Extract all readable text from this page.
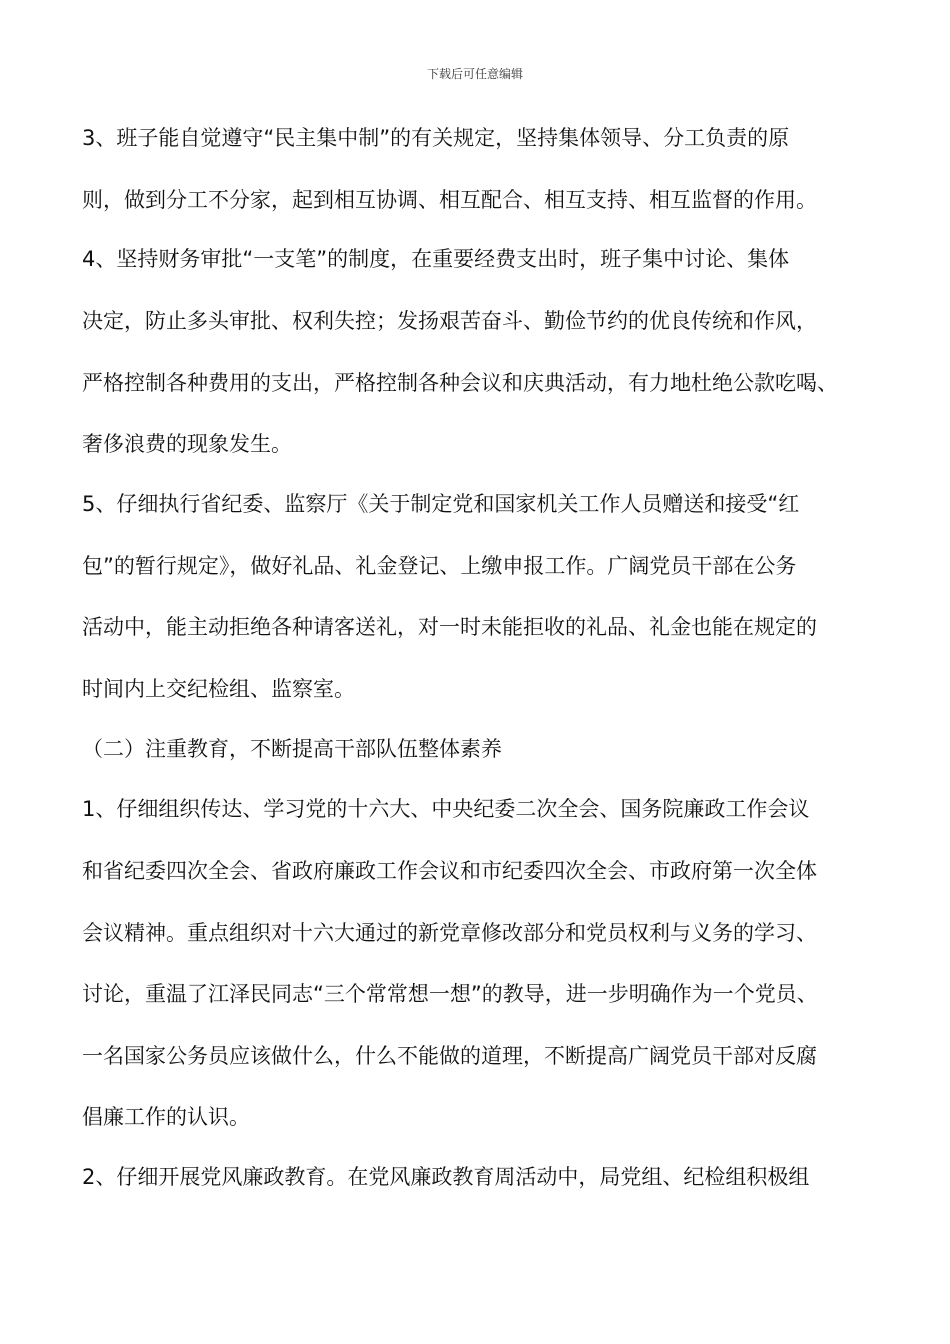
下载后可任意编辑
3、班子能自觉遵守“民主集中制”的有关规定，坚持集体领导、分工负责的原
则，做到分工不分家，起到相互协调、相互配合、相互支持、相互监督的作用。
4、坚持财务审批“一支笔”的制度，在重要经费支出时，班子集中讨论、集体
决定，防止多头审批、权利失控；发扬艰苦奋斗、勤俭节约的优良传统和作风，
严格控制各种费用的支出，严格控制各种会议和庆典活动，有力地杜绝公款吃喝、
奢侈浪费的现象发生。
5、仔细执行省纪委、监察厅《关于制定党和国家机关工作人员赠送和接受“红
包”的暂行规定》，做好礼品、礼金登记、上缴申报工作。广阔党员干部在公务
活动中，能主动拒绝各种请客送礼，对一时未能拒收的礼品、礼金也能在规定的
时间内上交纪检组、监察室。
（二）注重教育，不断提高干部队伍整体素养
1、仔细组织传达、学习党的十六大、中央纪委二次全会、国务院廉政工作会议
和省纪委四次全会、省政府廉政工作会议和市纪委四次全会、市政府第一次全体
会议精神。重点组织对十六大通过的新党章修改部分和党员权利与义务的学习、
讨论，重温了江泽民同志“三个常常想一想”的教导，进一步明确作为一个党员、
一名国家公务员应该做什么，什么不能做的道理，不断提高广阔党员干部对反腐
倡廉工作的认识。
2、仔细开展党风廉政教育。在党风廉政教育周活动中，局党组、纪检组积极组
